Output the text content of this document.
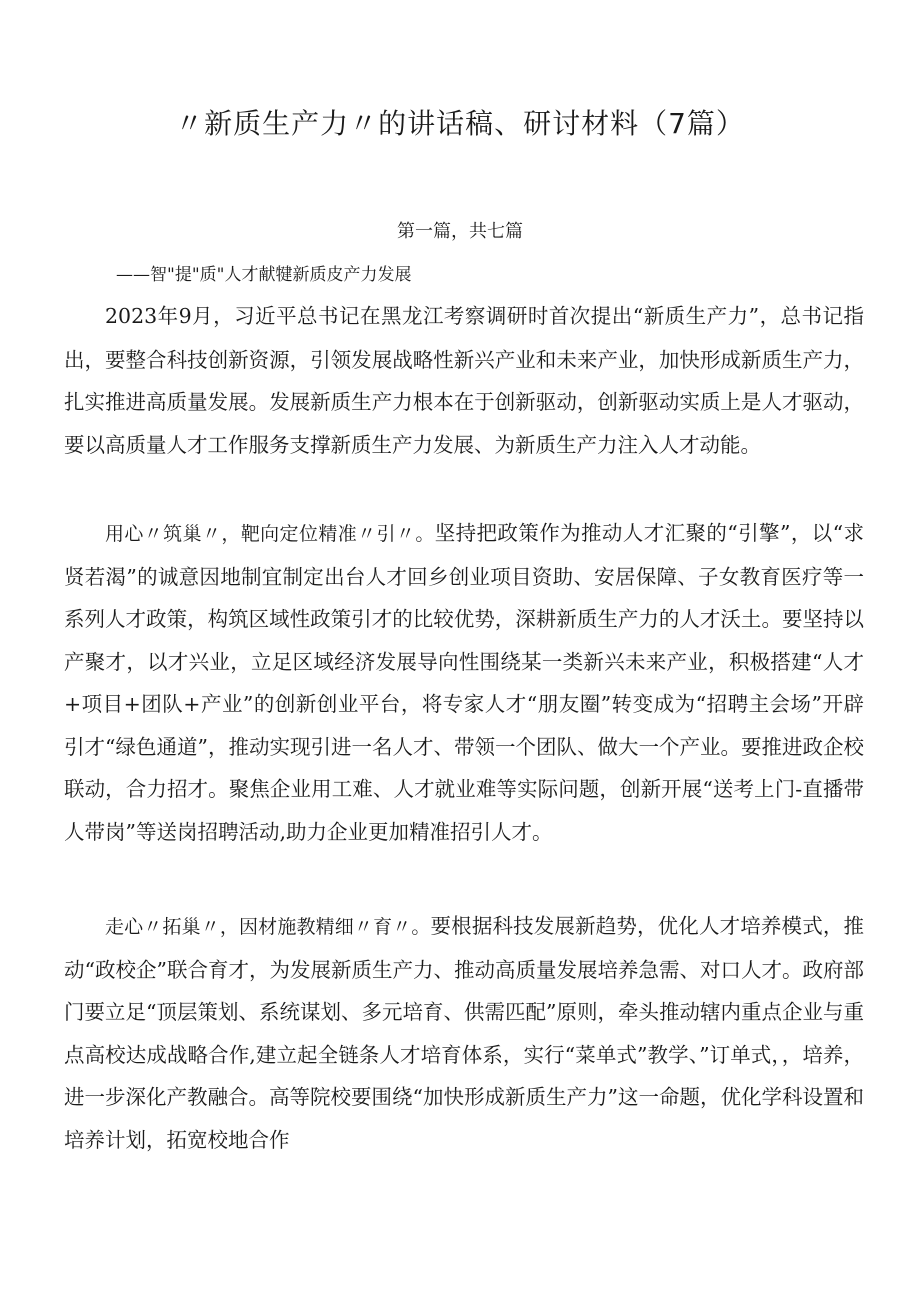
〃新质生产力〃的讲话稿、研讨材料（7篇）

第一篇，共七篇

——智"提"质"人才献犍新质皮产力发展

2023年9月，习近平总书记在黑龙江考察调研时首次提出“新质生产力”，总书记指出，要整合科技创新资源，引领发展战略性新兴产业和未来产业，加快形成新质生产力，扎实推进高质量发展。发展新质生产力根本在于创新驱动，创新驱动实质上是人才驱动，要以高质量人才工作服务支撑新质生产力发展、为新质生产力注入人才动能。

用心〃筑巢〃，靶向定位精准〃引〃。坚持把政策作为推动人才汇聚的“引擎”，以“求贤若渴”的诚意因地制宜制定出台人才回乡创业项目资助、安居保障、子女教育医疗等一系列人才政策，构筑区域性政策引才的比较优势，深耕新质生产力的人才沃土。要坚持以产聚才，以才兴业，立足区域经济发展导向性围绕某一类新兴未来产业，积极搭建“人才+项目+团队+产业”的创新创业平台，将专家人才“朋友圈”转变成为“招聘主会场”开辟引才“绿色通道”，推动实现引进一名人才、带领一个团队、做大一个产业。要推进政企校联动，合力招才。聚焦企业用工难、人才就业难等实际问题，创新开展“送考上门-直播带人带岗”等送岗招聘活动,助力企业更加精准招引人才。

走心〃拓巢〃，因材施教精细〃育〃。要根据科技发展新趋势，优化人才培养模式，推动“政校企”联合育才，为发展新质生产力、推动高质量发展培养急需、对口人才。政府部门要立足“顶层策划、系统谋划、多元培育、供需匹配”原则，牵头推动辖内重点企业与重点高校达成战略合作,建立起全链条人才培育体系，实行“菜单式”教学、”订单式，，培养，进一步深化产教融合。高等院校要围绕“加快形成新质生产力”这一命题，优化学科设置和培养计划，拓宽校地合作
